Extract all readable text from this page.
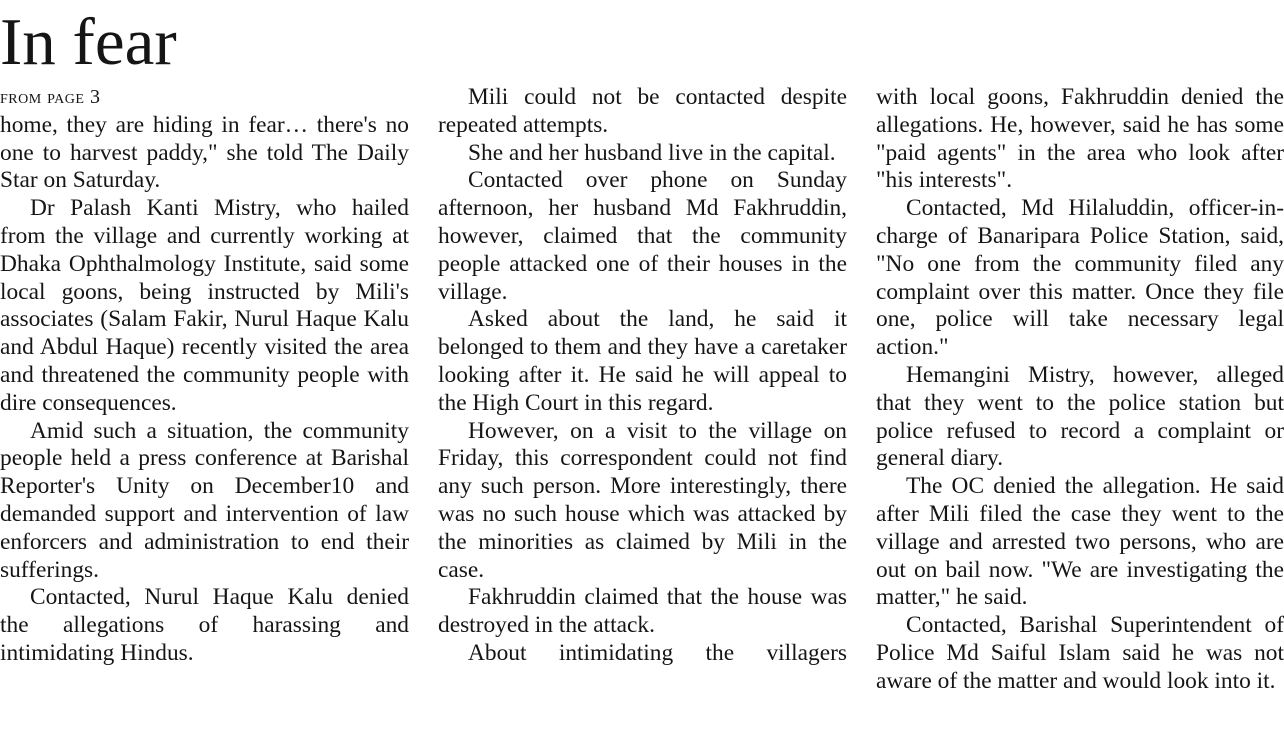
In fear
from page 3

home, they are hiding in fear… there's no one to harvest paddy," she told The Daily Star on Saturday.

Dr Palash Kanti Mistry, who hailed from the village and currently working at Dhaka Ophthalmology Institute, said some local goons, being instructed by Mili's associates (Salam Fakir, Nurul Haque Kalu and Abdul Haque) recently visited the area and threatened the community people with dire consequences.

Amid such a situation, the community people held a press conference at Barishal Reporter's Unity on December10 and demanded support and intervention of law enforcers and administration to end their sufferings.

Contacted, Nurul Haque Kalu denied the allegations of harassing and intimidating Hindus.

Mili could not be contacted despite repeated attempts.

She and her husband live in the capital.

Contacted over phone on Sunday afternoon, her husband Md Fakhruddin, however, claimed that the community people attacked one of their houses in the village.

Asked about the land, he said it belonged to them and they have a caretaker looking after it. He said he will appeal to the High Court in this regard.

However, on a visit to the village on Friday, this correspondent could not find any such person. More interestingly, there was no such house which was attacked by the minorities as claimed by Mili in the case.

Fakhruddin claimed that the house was destroyed in the attack.

About intimidating the villagers

with local goons, Fakhruddin denied the allegations. He, however, said he has some "paid agents" in the area who look after "his interests".

Contacted, Md Hilaluddin, officer-in-charge of Banaripara Police Station, said, "No one from the community filed any complaint over this matter. Once they file one, police will take necessary legal action."

Hemangini Mistry, however, alleged that they went to the police station but police refused to record a complaint or general diary.

The OC denied the allegation. He said after Mili filed the case they went to the village and arrested two persons, who are out on bail now. "We are investigating the matter," he said.

Contacted, Barishal Superintendent of Police Md Saiful Islam said he was not aware of the matter and would look into it.
